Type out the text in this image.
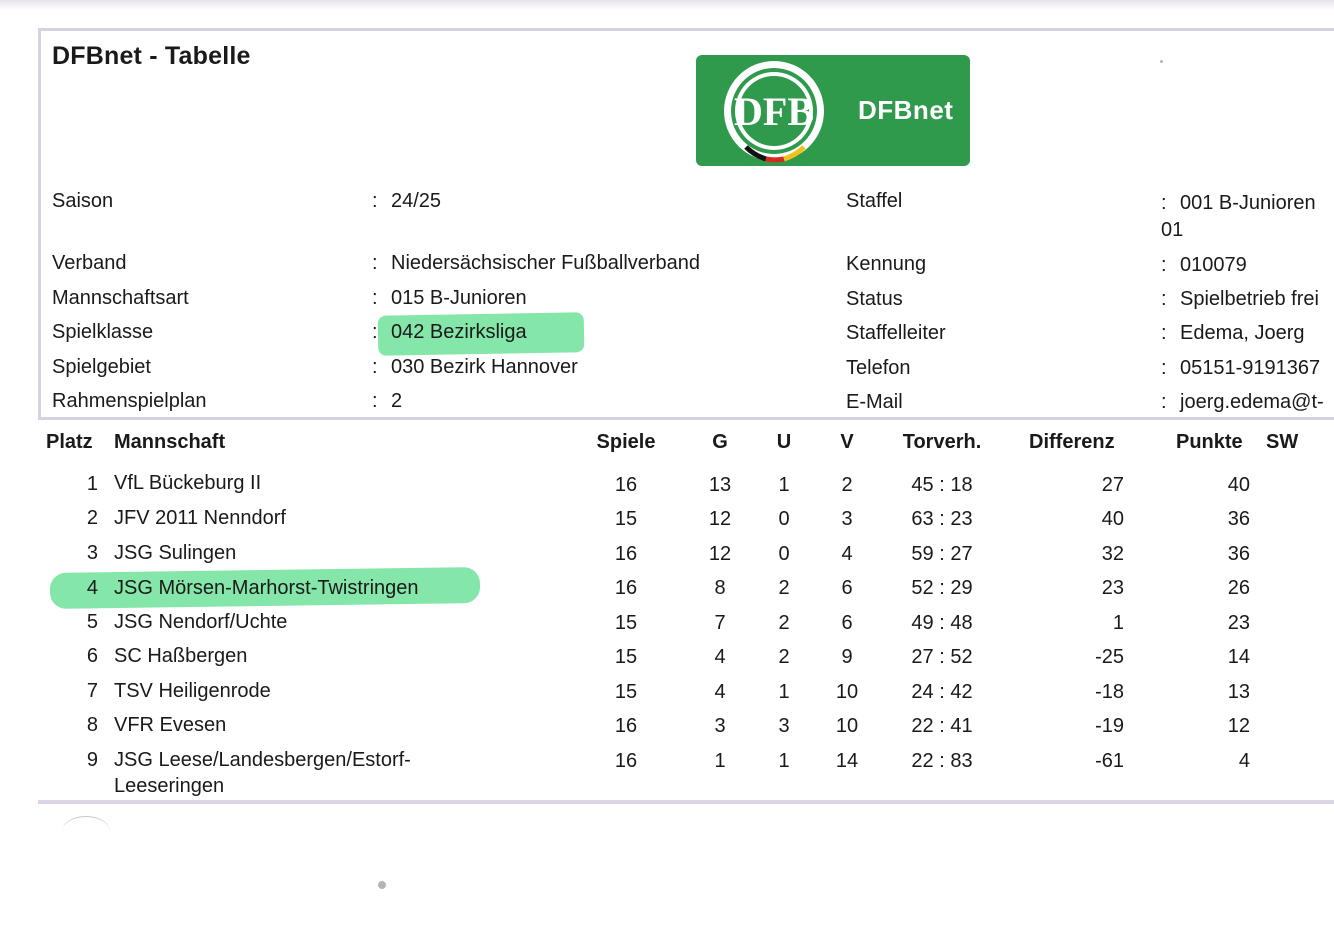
DFBnet - Tabelle
DFB DFBnet
Saison	: 24/25
Verband	: Niedersächsischer Fußballverband
Mannschaftsart	: 015 B-Junioren
Spielklasse	: 042 Bezirksliga
Spielgebiet	: 030 Bezirk Hannover
Rahmenspielplan	: 2
Staffel	: 001 B-Junioren
01
Kennung	: 010079
Status	: Spielbetrieb frei
Staffelleiter	: Edema, Joerg
Telefon	: 05151-9191367
E-Mail	: joerg.edema@t-
Platz Mannschaft	Spiele	G	U	V	Torverh.	Differenz	Punkte SW
1 VfL Bückeburg II	16	13	1	2	45 : 18	27	40
2 JFV 2011 Nenndorf	15	12	0	3	63 : 23	40	36
3 JSG Sulingen	16	12	0	4	59 : 27	32	36
4 JSG Mörsen-Marhorst-Twistringen	16	8	2	6	52 : 29	23	26
5 JSG Nendorf/Uchte	15	7	2	6	49 : 48	1	23
6 SC Haßbergen	15	4	2	9	27 : 52	-25	14
7 TSV Heiligenrode	15	4	1	10	24 : 42	-18	13
8 VFR Evesen	16	3	3	10	22 : 41	-19	12
9 JSG Leese/Landesbergen/Estorf-Leeseringen
16	1	1	14	22 : 83	-61	4
